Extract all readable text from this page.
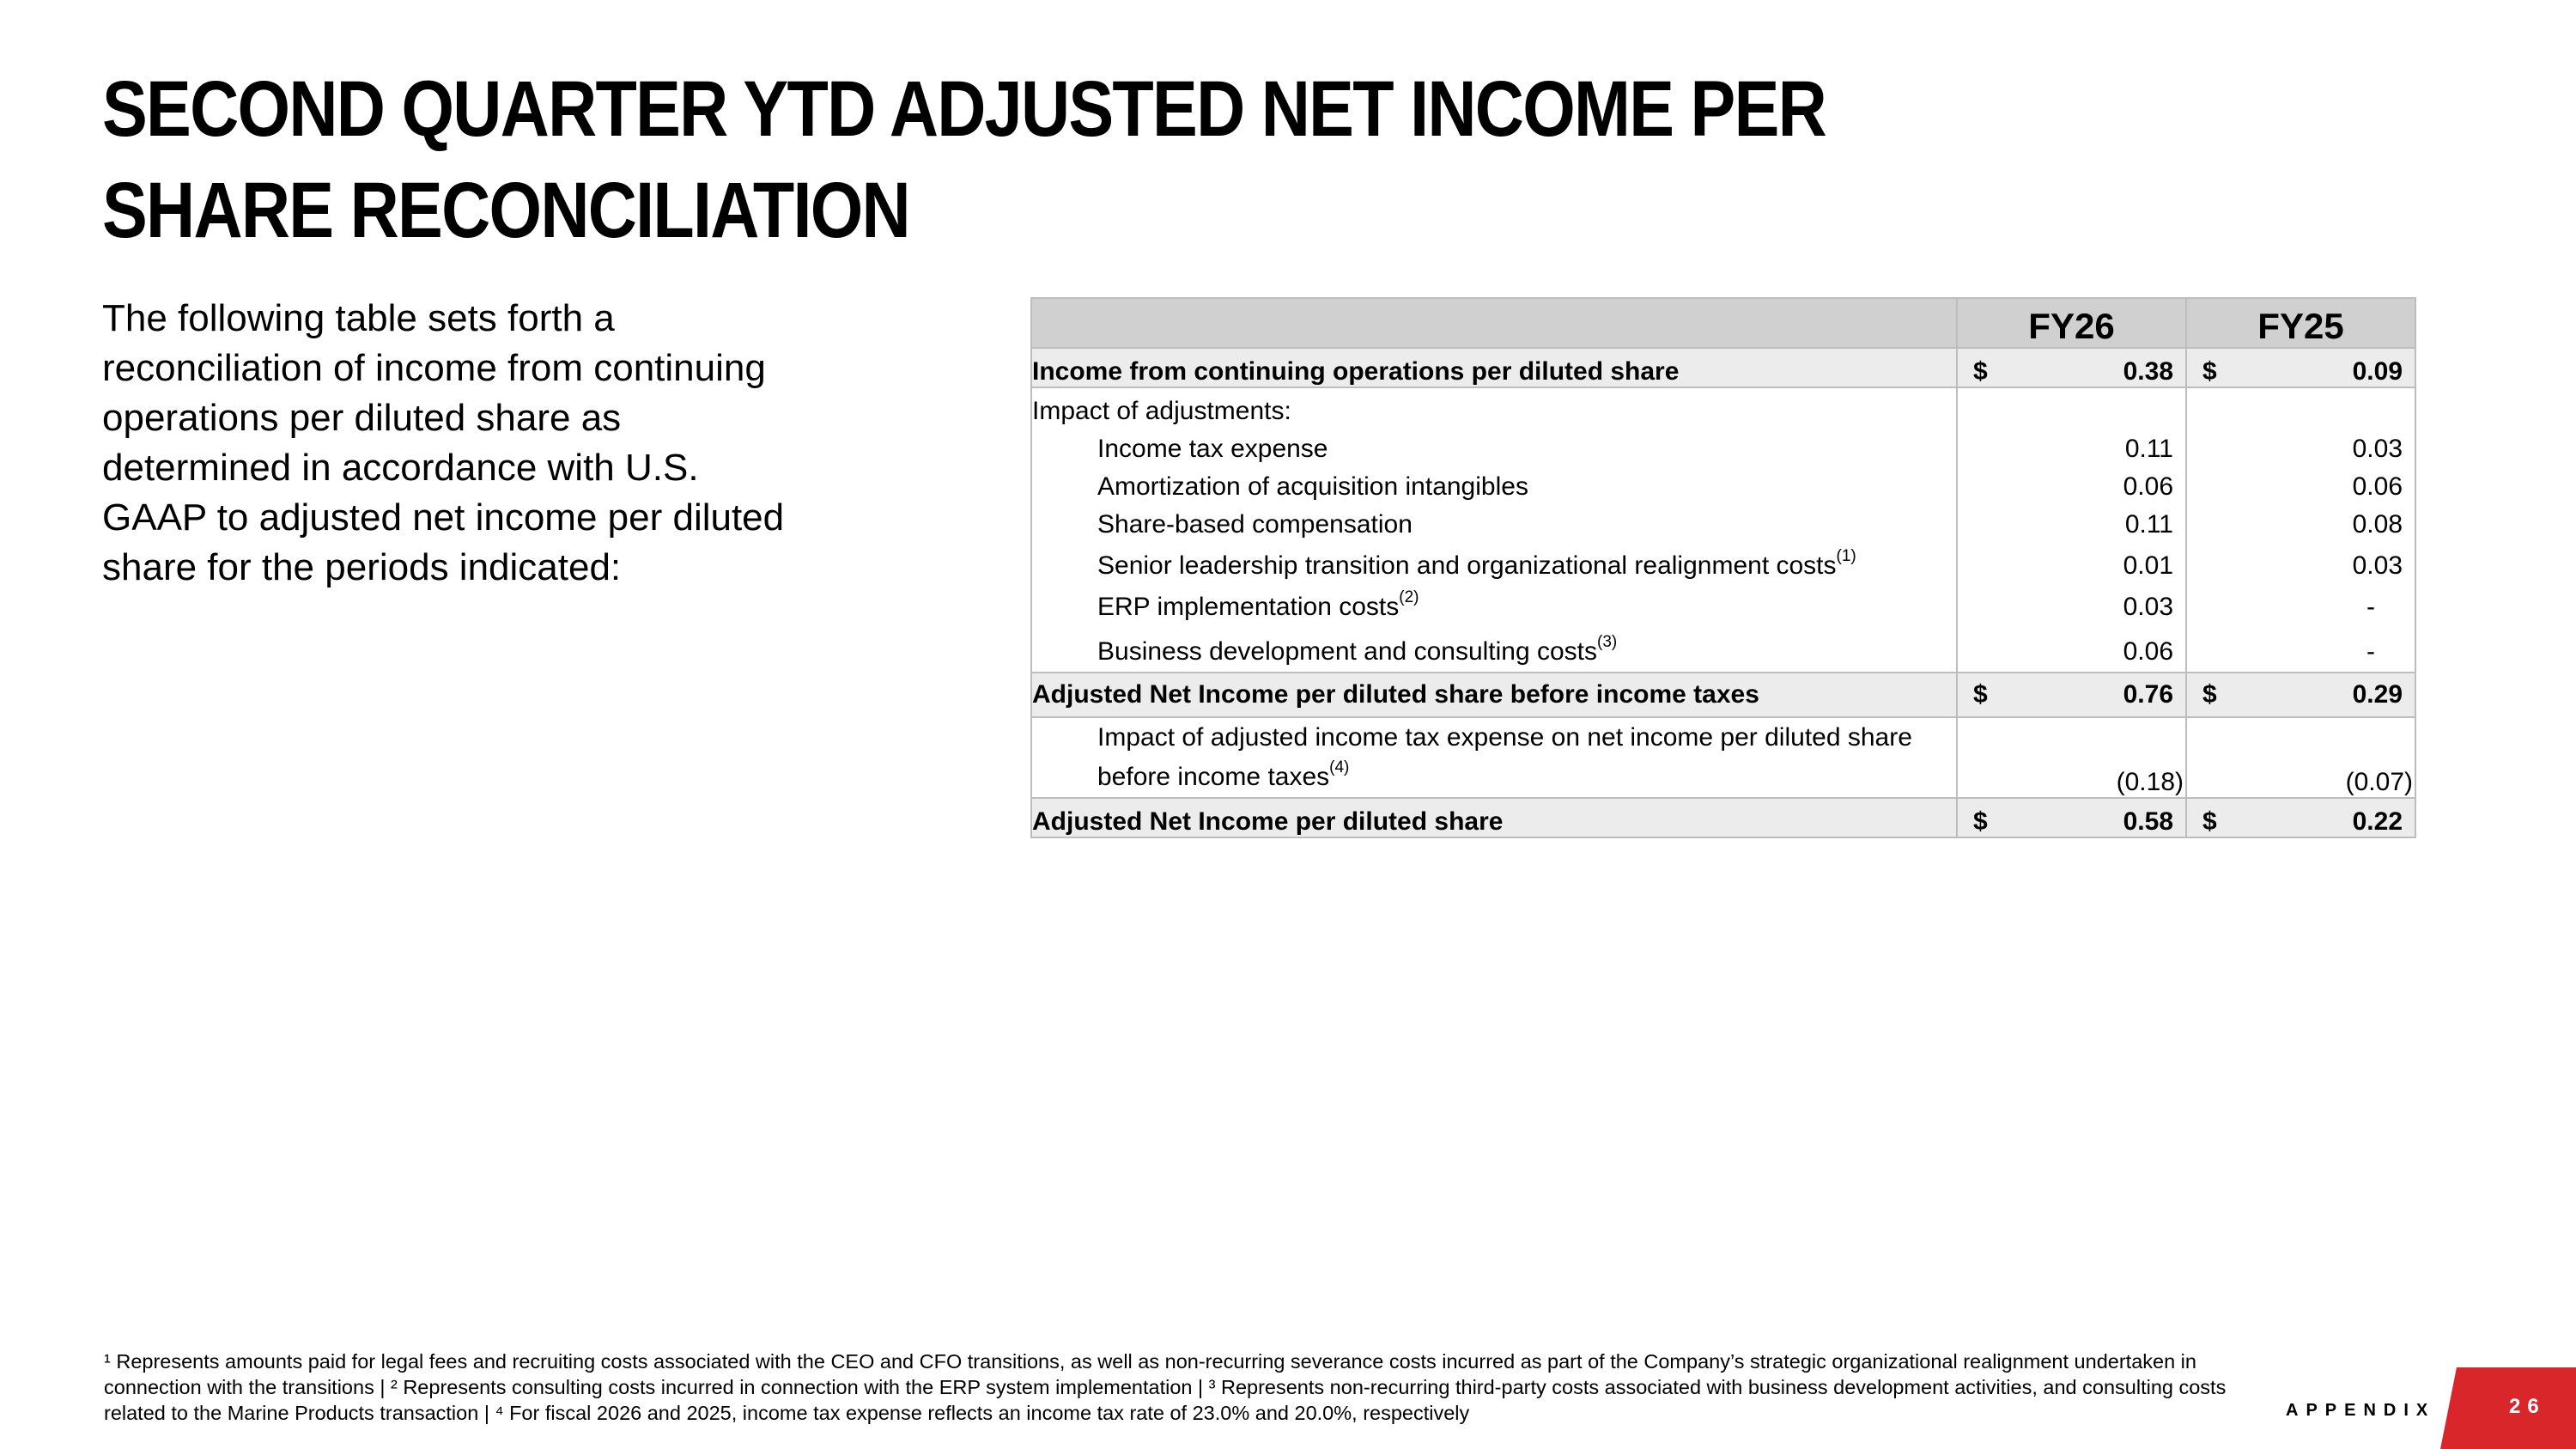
SECOND QUARTER YTD ADJUSTED NET INCOME PER SHARE RECONCILIATION

The following table sets forth a reconciliation of income from continuing operations per diluted share as determined in accordance with U.S. GAAP to adjusted net income per diluted share for the periods indicated:

	FY26	FY25
Income from continuing operations per diluted share	$ 0.38	$ 0.09

Impact of adjustments:		
Income tax expense	0.11	0.03

Amortization of acquisition intangibles	0.06	0.06

Share-based compensation	0.11	0.08

Senior leadership transition and organizational realignment costs$^{(1)}$	0.01	0.03

ERP implementation costs$^{(2)}$	0.03	-

Business development and consulting costs$^{(3)}$	0.06	-

Adjusted Net Income per diluted share before income taxes	$ 0.76	$ 0.29

Impact of adjusted income tax expense on net income per diluted share
before income taxes$^{(4)}$	(0.18)	(0.07)

Adjusted Net Income per diluted share	$ 0.58	$ 0.22

¹ Represents amounts paid for legal fees and recruiting costs associated with the CEO and CFO transitions, as well as non-recurring severance costs incurred as part of the Company’s strategic organizational realignment undertaken in connection with the transitions | ² Represents consulting costs incurred in connection with the ERP system implementation | ³ Represents non-recurring third-party costs associated with business development activities, and consulting costs related to the Marine Products transaction | ⁴ For fiscal 2026 and 2025, income tax expense reflects an income tax rate of 23.0% and 20.0%, respectively	APPENDIX	26
